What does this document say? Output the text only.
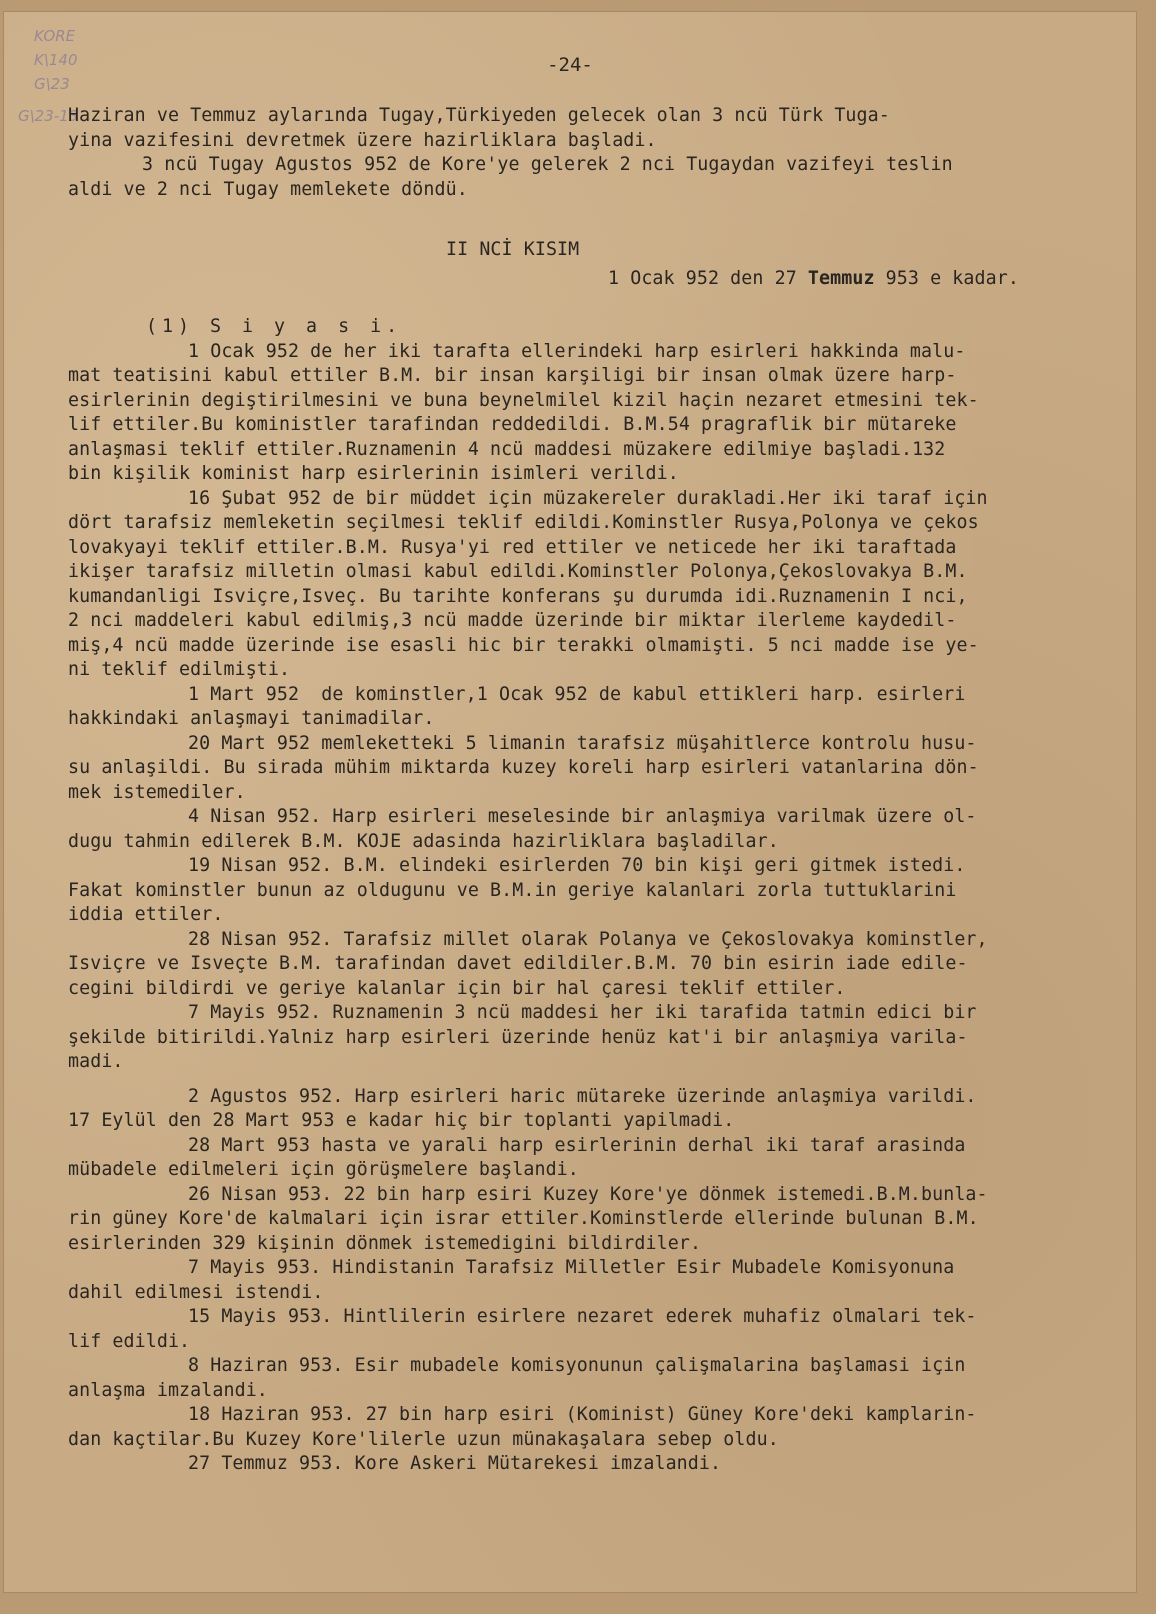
KORE
K\140
G\23
G\23-13
-24-
Haziran ve Temmuz aylarında Tugay,Türkiyeden gelecek olan 3 ncü Türk Tuga-
yina vazifesini devretmek üzere hazirliklara başladi.
3 ncü Tugay Agustos 952 de Kore'ye gelerek 2 nci Tugaydan vazifeyi teslin
aldi ve 2 nci Tugay memlekete döndü.
II NCİ KISIM
1 Ocak 952 den 27 Temmuz 953 e kadar.
(1) S i y a s i.
1 Ocak 952 de her iki tarafta ellerindeki harp esirleri hakkinda malu-
mat teatisini kabul ettiler B.M. bir insan karşiligi bir insan olmak üzere harp-
esirlerinin degiştirilmesini ve buna beynelmilel kizil haçin nezaret etmesini tek-
lif ettiler.Bu koministler tarafindan reddedildi. B.M.54 pragraflik bir mütareke
anlaşmasi teklif ettiler.Ruznamenin 4 ncü maddesi müzakere edilmiye başladi.132
bin kişilik kominist harp esirlerinin isimleri verildi.
16 Şubat 952 de bir müddet için müzakereler durakladi.Her iki taraf için
dört tarafsiz memleketin seçilmesi teklif edildi.Kominstler Rusya,Polonya ve çekos
lovakyayi teklif ettiler.B.M. Rusya'yi red ettiler ve neticede her iki taraftada
ikişer tarafsiz milletin olmasi kabul edildi.Kominstler Polonya,Çekoslovakya B.M.
kumandanligi Isviçre,Isveç. Bu tarihte konferans şu durumda idi.Ruznamenin I nci,
2 nci maddeleri kabul edilmiş,3 ncü madde üzerinde bir miktar ilerleme kaydedil-
miş,4 ncü madde üzerinde ise esasli hic bir terakki olmamişti. 5 nci madde ise ye-
ni teklif edilmişti.
1 Mart 952  de kominstler,1 Ocak 952 de kabul ettikleri harp. esirleri
hakkindaki anlaşmayi tanimadilar.
20 Mart 952 memleketteki 5 limanin tarafsiz müşahitlerce kontrolu husu-
su anlaşildi. Bu sirada mühim miktarda kuzey koreli harp esirleri vatanlarina dön-
mek istemediler.
4 Nisan 952. Harp esirleri meselesinde bir anlaşmiya varilmak üzere ol-
dugu tahmin edilerek B.M. KOJE adasinda hazirliklara başladilar.
19 Nisan 952. B.M. elindeki esirlerden 70 bin kişi geri gitmek istedi.
Fakat kominstler bunun az oldugunu ve B.M.in geriye kalanlari zorla tuttuklarini
iddia ettiler.
28 Nisan 952. Tarafsiz millet olarak Polanya ve Çekoslovakya kominstler,
Isviçre ve Isveçte B.M. tarafindan davet edildiler.B.M. 70 bin esirin iade edile-
cegini bildirdi ve geriye kalanlar için bir hal çaresi teklif ettiler.
7 Mayis 952. Ruznamenin 3 ncü maddesi her iki tarafida tatmin edici bir
şekilde bitirildi.Yalniz harp esirleri üzerinde henüz kat'i bir anlaşmiya varila-
madi.
2 Agustos 952. Harp esirleri haric mütareke üzerinde anlaşmiya varildi.
17 Eylül den 28 Mart 953 e kadar hiç bir toplanti yapilmadi.
28 Mart 953 hasta ve yarali harp esirlerinin derhal iki taraf arasinda
mübadele edilmeleri için görüşmelere başlandi.
26 Nisan 953. 22 bin harp esiri Kuzey Kore'ye dönmek istemedi.B.M.bunla-
rin güney Kore'de kalmalari için israr ettiler.Kominstlerde ellerinde bulunan B.M.
esirlerinden 329 kişinin dönmek istemedigini bildirdiler.
7 Mayis 953. Hindistanin Tarafsiz Milletler Esir Mubadele Komisyonuna
dahil edilmesi istendi.
15 Mayis 953. Hintlilerin esirlere nezaret ederek muhafiz olmalari tek-
lif edildi.
8 Haziran 953. Esir mubadele komisyonunun çalişmalarina başlamasi için
anlaşma imzalandi.
18 Haziran 953. 27 bin harp esiri (Kominist) Güney Kore'deki kamplarin-
dan kaçtilar.Bu Kuzey Kore'lilerle uzun münakaşalara sebep oldu.
27 Temmuz 953. Kore Askeri Mütarekesi imzalandi.
